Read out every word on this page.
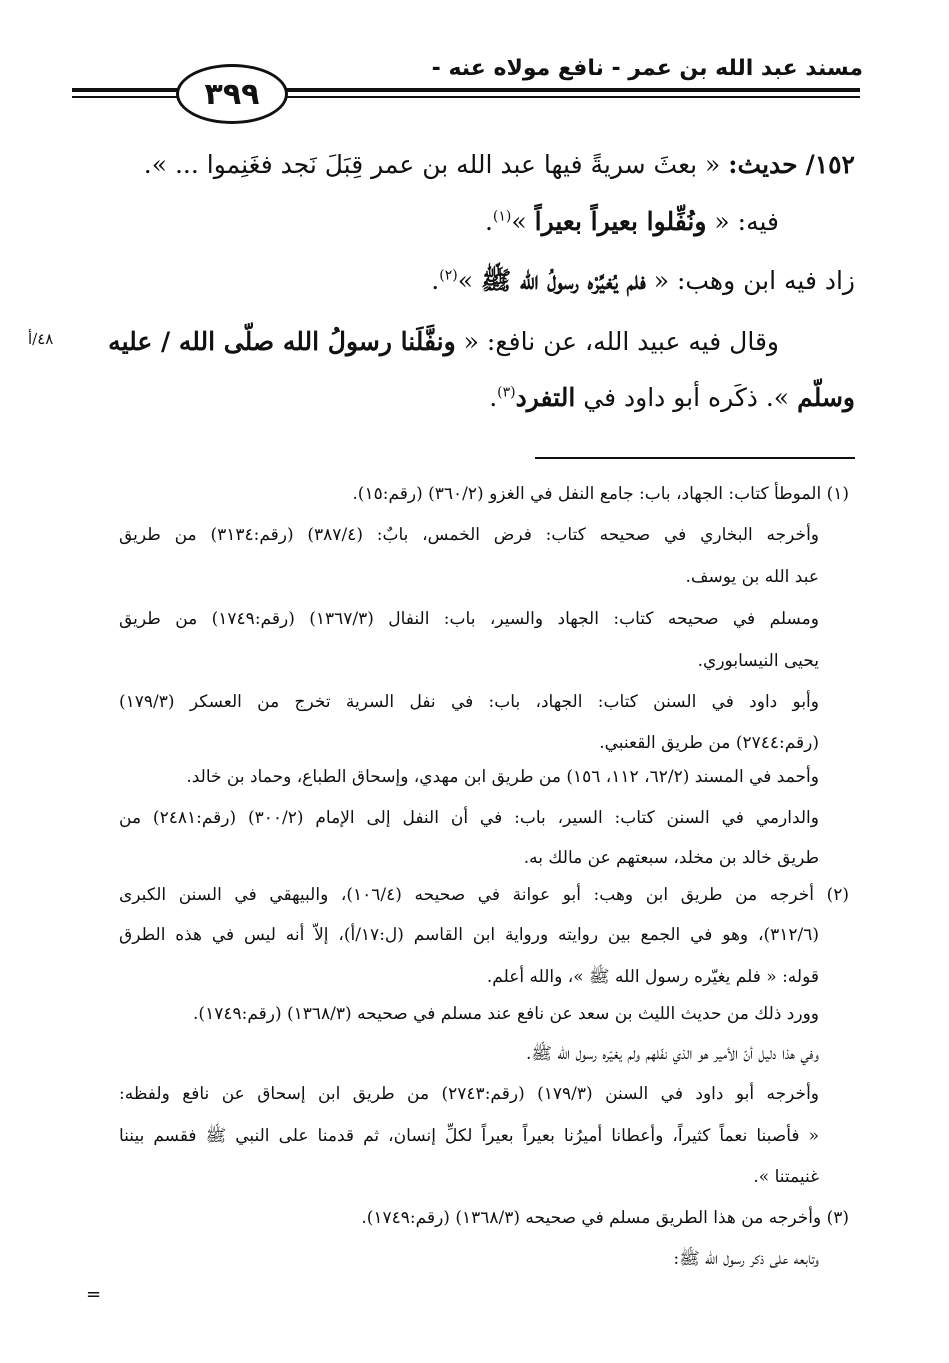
مسند عبد الله بن عمر - نافع مولاه عنه -
٣٩٩
١٥٢/ حديث: « بعثَ سريةً فيها عبد الله بن عمر قِبَلَ نَجد فغَنِموا ... ».
فيه: « ونُفِّلوا بعيراً بعيراً »$^{(١)}$.
زاد فيه ابن وهب: « فلم يُغيِّرْه رسولُ الله ﷺ »$^{(٢)}$.
وقال فيه عبيد الله، عن نافع: « ونفَّلَنا رسولُ الله صلّى الله / عليه
٤٨/أ
وسلّم ». ذكَره أبو داود في التفرد$^{(٣)}$.
(١) الموطأ كتاب: الجهاد، باب: جامع النفل في الغزو (٣٦٠/٢) (رقم:١٥).
وأخرجه البخاري في صحيحه كتاب: فرض الخمس، بابٌ: (٣٨٧/٤) (رقم:٣١٣٤) من طريق
عبد الله بن يوسف.
ومسلم في صحيحه كتاب: الجهاد والسير، باب: النفال (١٣٦٧/٣) (رقم:١٧٤٩) من طريق
يحيى النيسابوري.
وأبو داود في السنن كتاب: الجهاد، باب: في نفل السرية تخرج من العسكر (١٧٩/٣)
(رقم:٢٧٤٤) من طريق القعنبي.
وأحمد في المسند (٦٢/٢، ١١٢، ١٥٦) من طريق ابن مهدي، وإسحاق الطباع، وحماد بن خالد.
والدارمي في السنن كتاب: السير، باب: في أن النفل إلى الإمام (٣٠٠/٢) (رقم:٢٤٨١) من
طريق خالد بن مخلد، سبعتهم عن مالك به.
(٢) أخرجه من طريق ابن وهب: أبو عوانة في صحيحه (١٠٦/٤)، والبيهقي في السنن الكبرى
(٣١٢/٦)، وهو في الجمع بين روايته ورواية ابن القاسم (ل:١٧/أ)، إلاّ أنه ليس في هذه الطرق
قوله: « فلم يغيّره رسول الله ﷺ »، والله أعلم.
وورد ذلك من حديث الليث بن سعد عن نافع عند مسلم في صحيحه (١٣٦٨/٣) (رقم:١٧٤٩).
وفي هذا دليل أنّ الأمير هو الذي نفّلهم ولم يغيّره رسول الله ﷺ.
وأخرجه أبو داود في السنن (١٧٩/٣) (رقم:٢٧٤٣) من طريق ابن إسحاق عن نافع ولفظه:
« فأصبنا نعماً كثيراً، وأعطانا أميرُنا بعيراً بعيراً لكلِّ إنسان، ثم قدمنا على النبي ﷺ فقسم بيننا
غنيمتنا ».
(٣) وأخرجه من هذا الطريق مسلم في صحيحه (١٣٦٨/٣) (رقم:١٧٤٩).
وتابعه على ذكر رسول الله ﷺ:
=
